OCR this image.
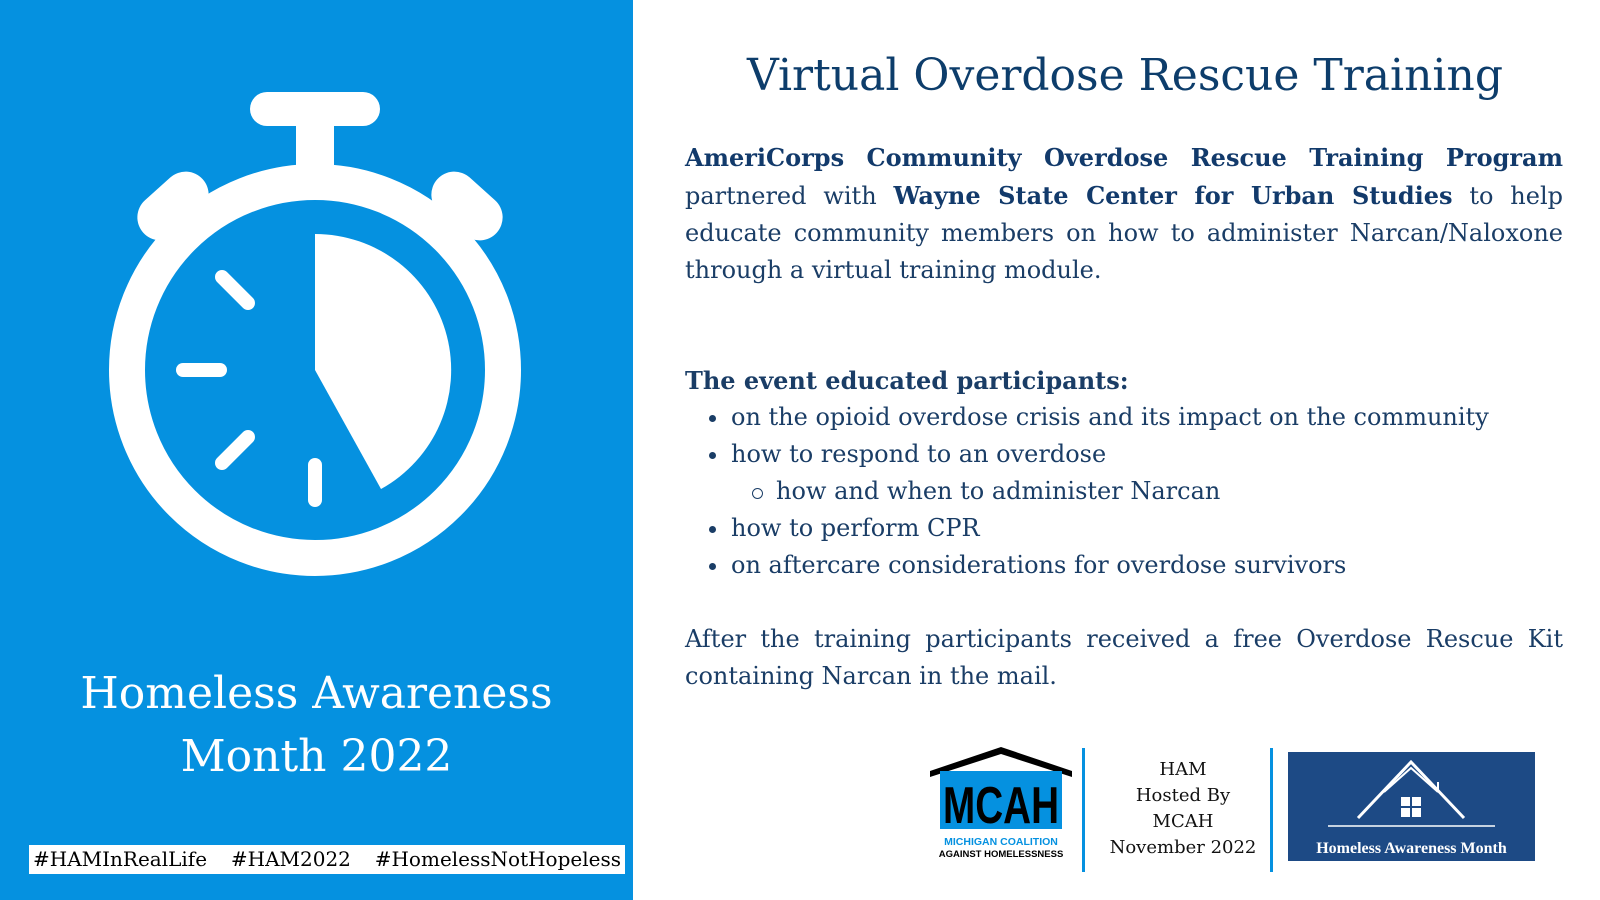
Homeless Awareness
Month 2022
#HAMInRealLife #HAM2022 #HomelessNotHopeless
Virtual Overdose Rescue Training

AmeriCorps Community Overdose Rescue Training Program partnered with Wayne State Center for Urban Studies to help educate community members on how to administer Narcan/Naloxone through a virtual training module.

The event educated participants:

on the opioid overdose crisis and its impact on the community
how to respond to an overdose
how and when to administer Narcan
how to perform CPR
on aftercare considerations for overdose survivors

After the training participants received a free Overdose Rescue Kit containing Narcan in the mail.

MCAH
MICHIGAN COALITION
AGAINST HOMELESSNESS
HAM
Hosted By
MCAH
November 2022	Homeless Awareness Month
